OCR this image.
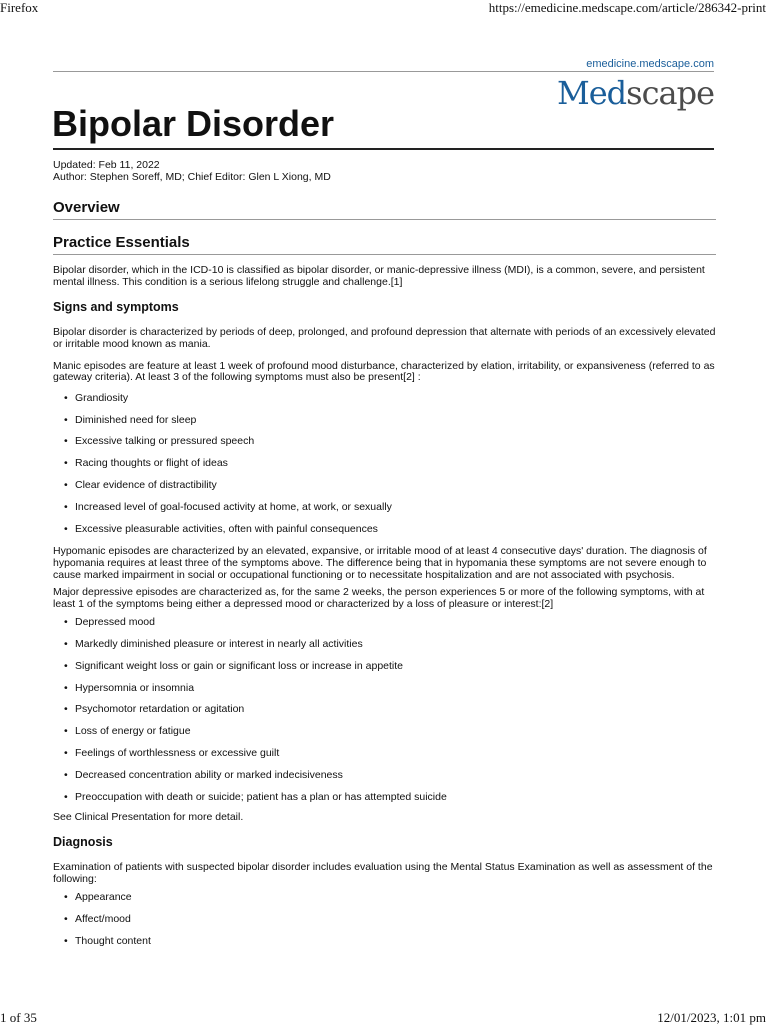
Firefox	https://emedicine.medscape.com/article/286342-print
emedicine.medscape.com
Medscape
Bipolar Disorder

Updated: Feb 11, 2022

Author: Stephen Soreff, MD; Chief Editor: Glen L Xiong, MD

Overview
Practice Essentials

Bipolar disorder, which in the ICD-10 is classified as bipolar disorder, or manic-depressive illness (MDI), is a common, severe, and persistent mental illness. This condition is a serious lifelong struggle and challenge.[1]

Signs and symptoms

Bipolar disorder is characterized by periods of deep, prolonged, and profound depression that alternate with periods of an excessively elevated or irritable mood known as mania.

Manic episodes are feature at least 1 week of profound mood disturbance, characterized by elation, irritability, or expansiveness (referred to as gateway criteria). At least 3 of the following symptoms must also be present[2] :

• Grandiosity
• Diminished need for sleep
• Excessive talking or pressured speech
• Racing thoughts or flight of ideas
• Clear evidence of distractibility
• Increased level of goal-focused activity at home, at work, or sexually
• Excessive pleasurable activities, often with painful consequences

Hypomanic episodes are characterized by an elevated, expansive, or irritable mood of at least 4 consecutive days' duration. The diagnosis of hypomania requires at least three of the symptoms above. The difference being that in hypomania these symptoms are not severe enough to cause marked impairment in social or occupational functioning or to necessitate hospitalization and are not associated with psychosis.

Major depressive episodes are characterized as, for the same 2 weeks, the person experiences 5 or more of the following symptoms, with at least 1 of the symptoms being either a depressed mood or characterized by a loss of pleasure or interest:[2]

• Depressed mood
• Markedly diminished pleasure or interest in nearly all activities
• Significant weight loss or gain or significant loss or increase in appetite
• Hypersomnia or insomnia
• Psychomotor retardation or agitation
• Loss of energy or fatigue
• Feelings of worthlessness or excessive guilt
• Decreased concentration ability or marked indecisiveness
• Preoccupation with death or suicide; patient has a plan or has attempted suicide

See Clinical Presentation for more detail.

Diagnosis

Examination of patients with suspected bipolar disorder includes evaluation using the Mental Status Examination as well as assessment of the following:

• Appearance
• Affect/mood
• Thought content
1 of 35	12/01/2023, 1:01 pm
